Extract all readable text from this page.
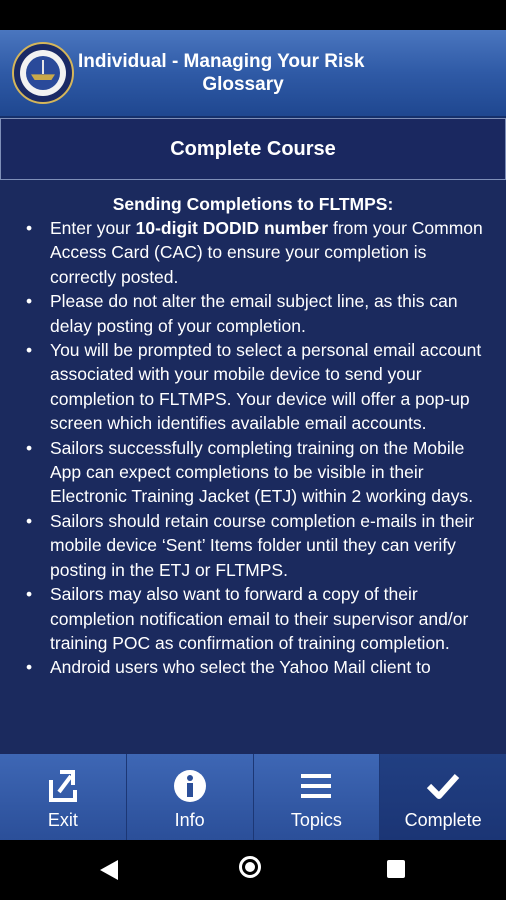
Individual - Managing Your Risk
Glossary
Complete Course
Sending Completions to FLTMPS:
• Enter your 10-digit DODID number from your Common Access Card (CAC) to ensure your completion is correctly posted.
• Please do not alter the email subject line, as this can delay posting of your completion.
• You will be prompted to select a personal email account associated with your mobile device to send your completion to FLTMPS. Your device will offer a pop-up screen which identifies available email accounts.
• Sailors successfully completing training on the Mobile App can expect completions to be visible in their Electronic Training Jacket (ETJ) within 2 working days.
• Sailors should retain course completion e-mails in their mobile device ‘Sent’ Items folder until they can verify posting in the ETJ or FLTMPS.
• Sailors may also want to forward a copy of their completion notification email to their supervisor and/or training POC as confirmation of training completion.
• Android users who select the Yahoo Mail client to
Exit	Info	Topics	Complete
